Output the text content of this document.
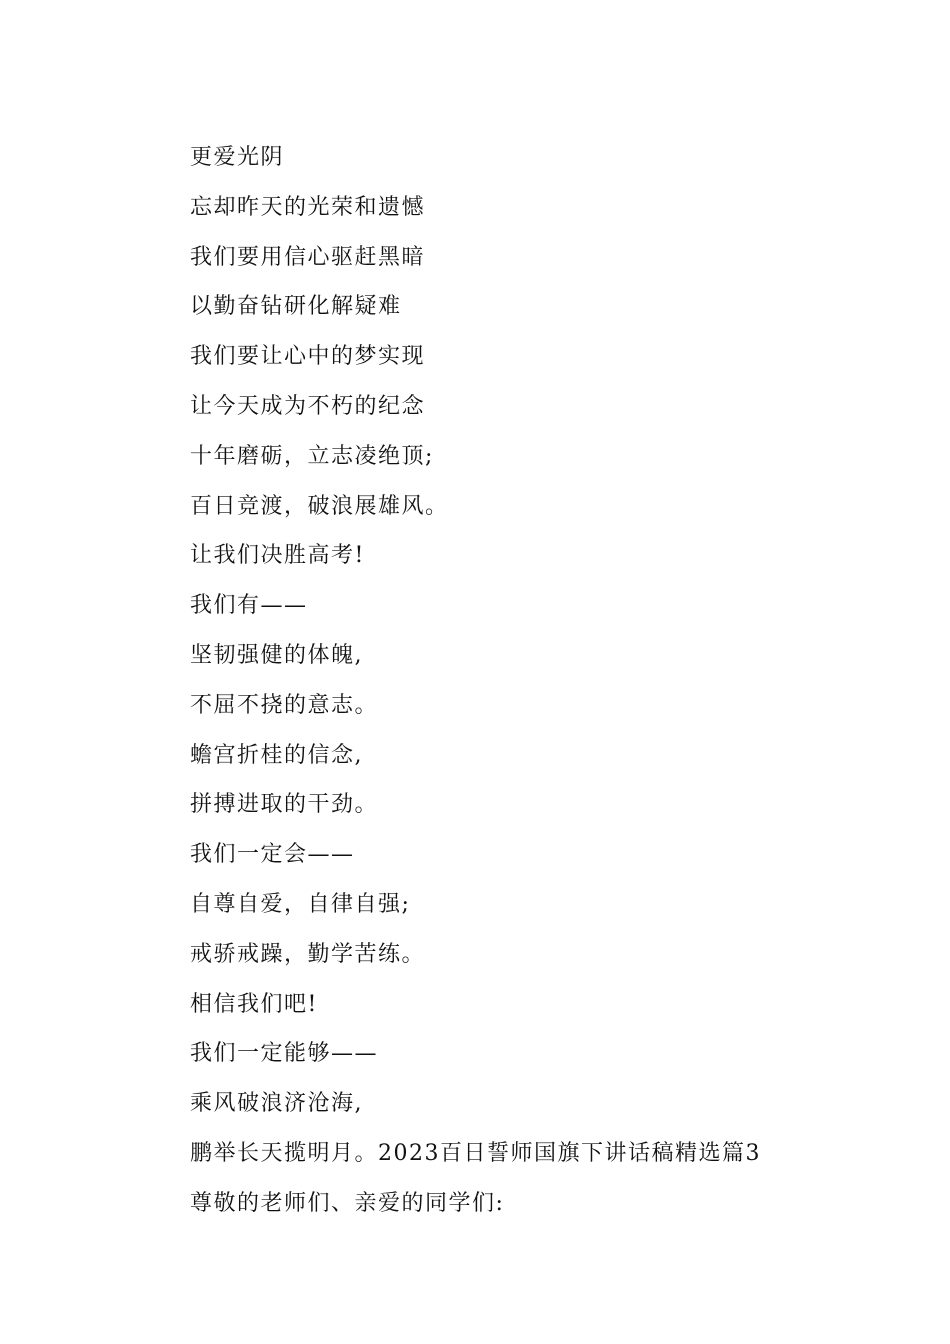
更爱光阴
忘却昨天的光荣和遗憾
我们要用信心驱赶黑暗
以勤奋钻研化解疑难
我们要让心中的梦实现
让今天成为不朽的纪念
十年磨砺，立志凌绝顶;
百日竞渡，破浪展雄风。
让我们决胜高考!
我们有——
坚韧强健的体魄,
不屈不挠的意志。
蟾宫折桂的信念,
拼搏进取的干劲。
我们一定会——
自尊自爱，自律自强;
戒骄戒躁，勤学苦练。
相信我们吧!
我们一定能够——
乘风破浪济沧海,
鹏举长天揽明月。2023百日誓师国旗下讲话稿精选篇3
尊敬的老师们、亲爱的同学们:
